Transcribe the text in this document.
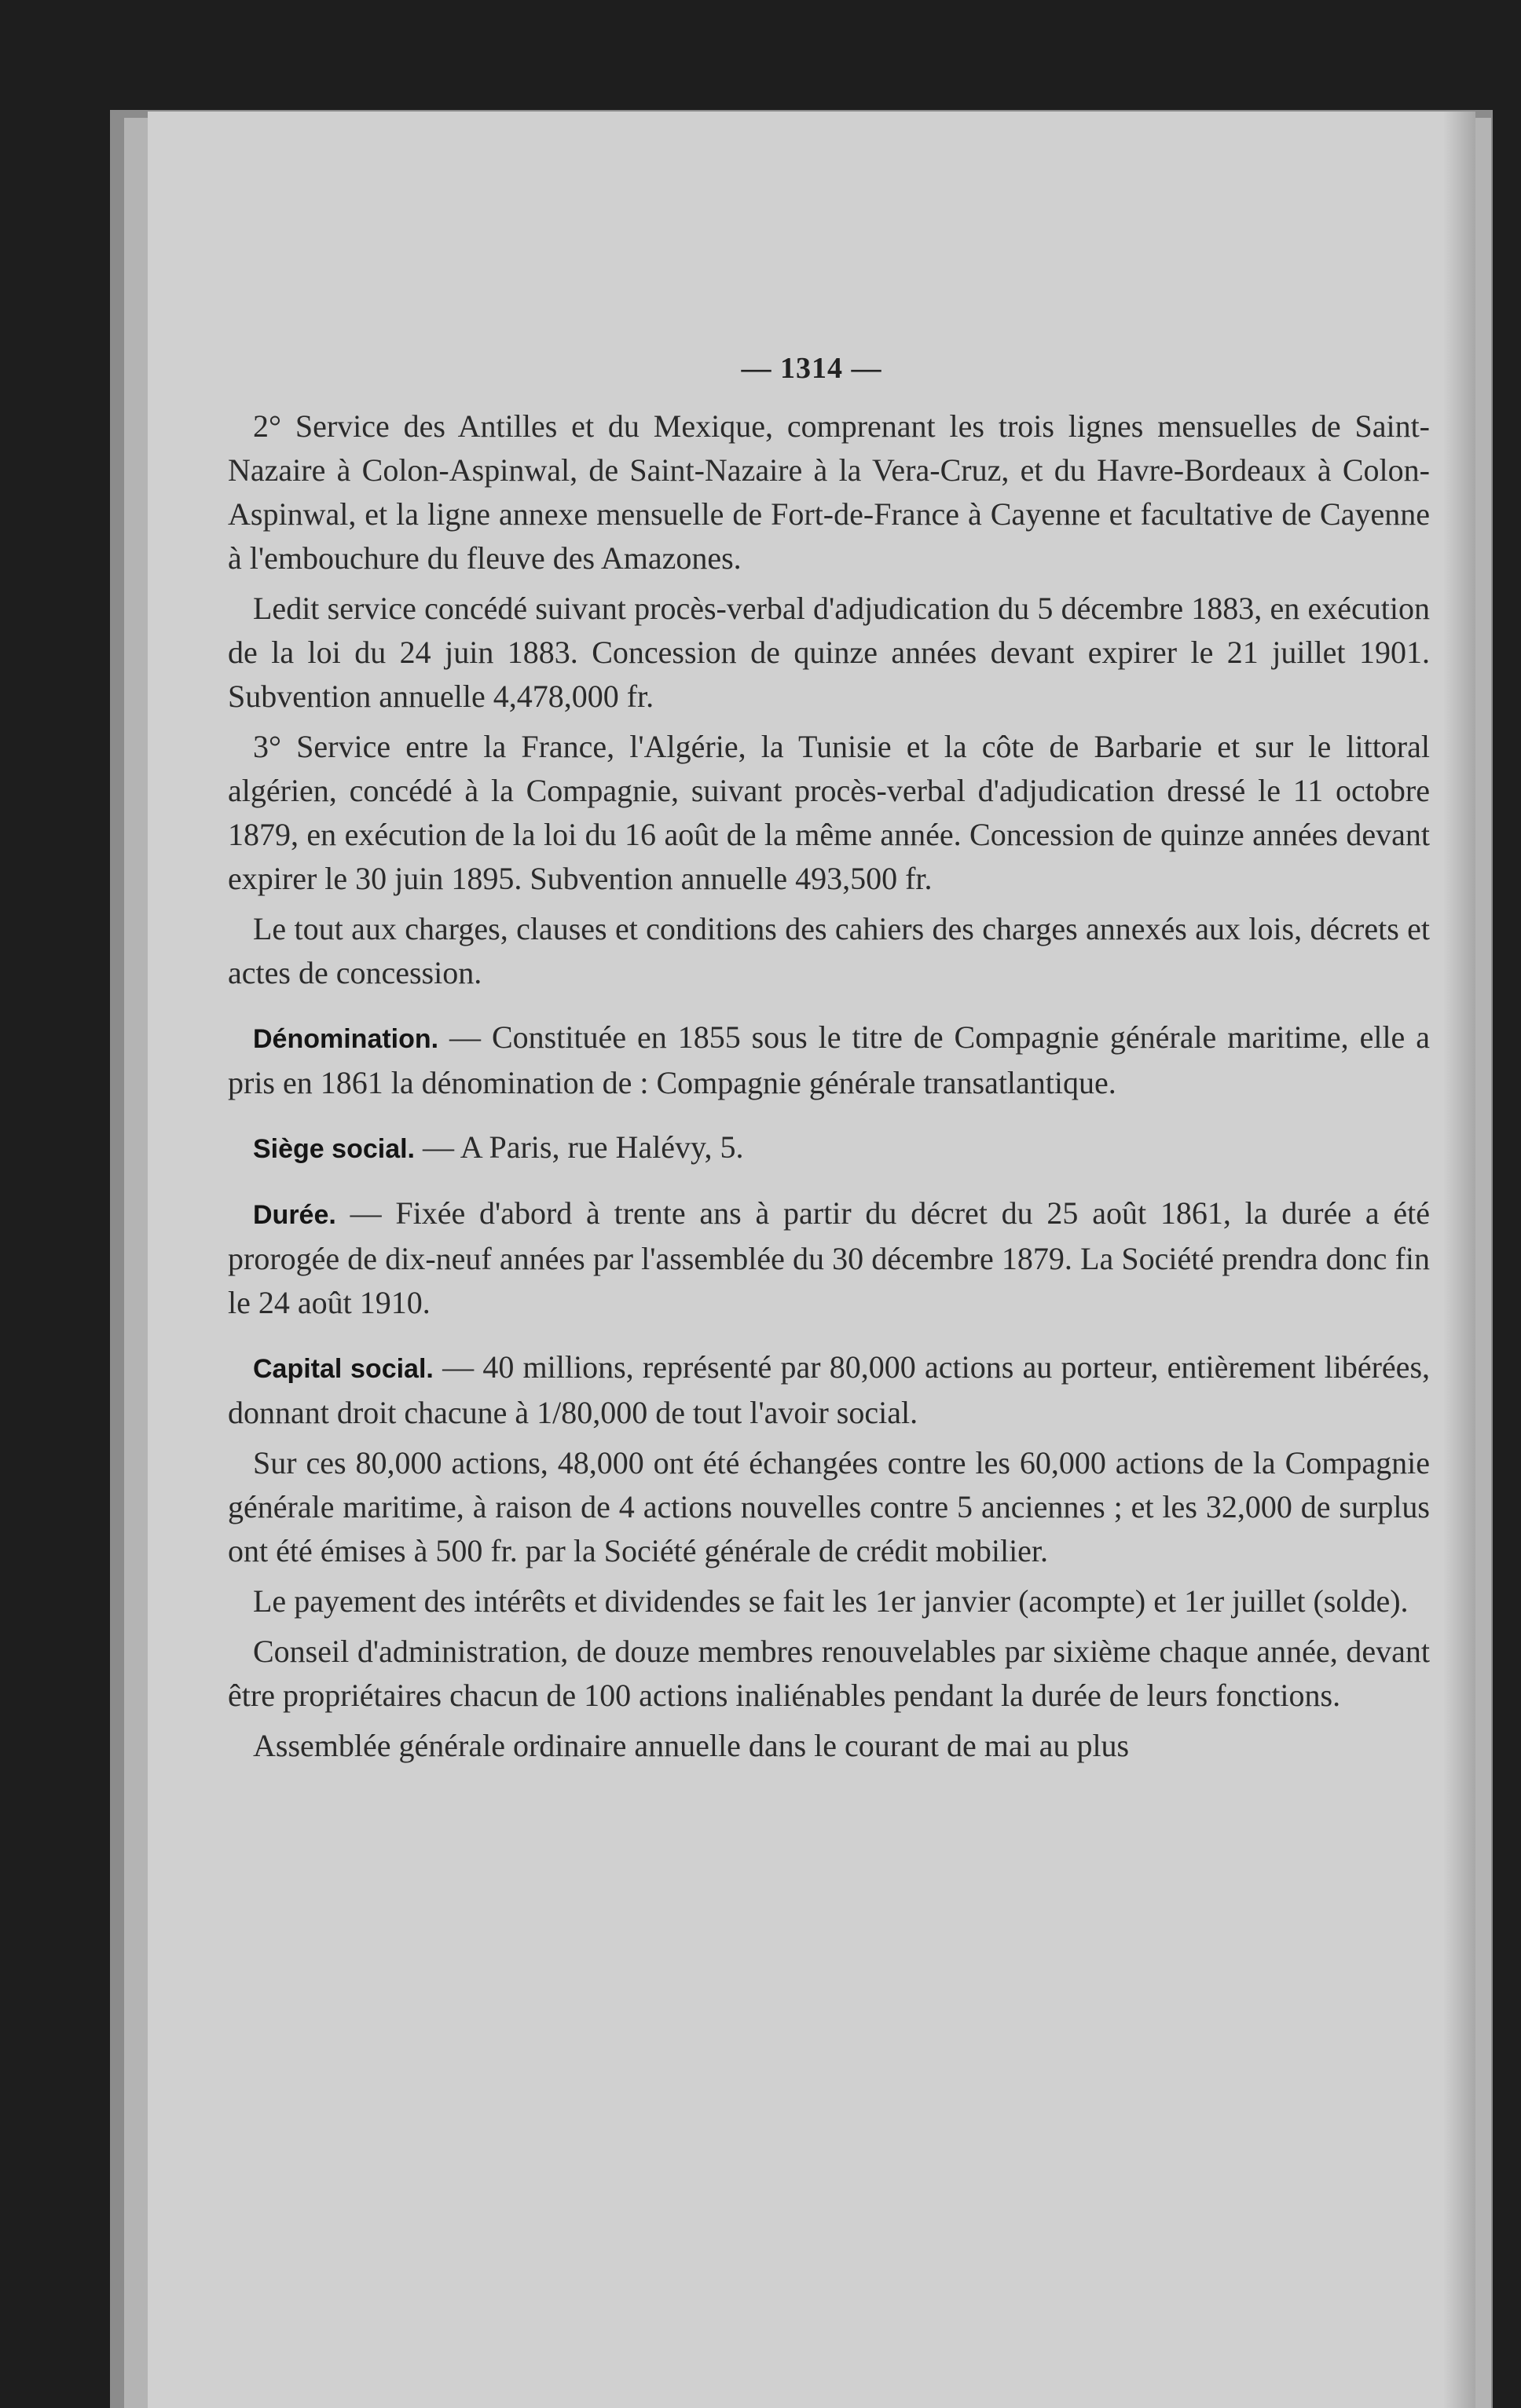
— 1314 —

2° Service des Antilles et du Mexique, comprenant les trois lignes mensuelles de Saint-Nazaire à Colon-Aspinwal, de Saint-Nazaire à la Vera-Cruz, et du Havre-Bordeaux à Colon-Aspinwal, et la ligne annexe mensuelle de Fort-de-France à Cayenne et facultative de Cayenne à l'embouchure du fleuve des Amazones.

Ledit service concédé suivant procès-verbal d'adjudication du 5 décembre 1883, en exécution de la loi du 24 juin 1883. Concession de quinze années devant expirer le 21 juillet 1901. Subvention annuelle 4,478,000 fr.

3° Service entre la France, l'Algérie, la Tunisie et la côte de Barbarie et sur le littoral algérien, concédé à la Compagnie, suivant procès-verbal d'adjudication dressé le 11 octobre 1879, en exécution de la loi du 16 août de la même année. Concession de quinze années devant expirer le 30 juin 1895. Subvention annuelle 493,500 fr.

Le tout aux charges, clauses et conditions des cahiers des charges annexés aux lois, décrets et actes de concession.

Dénomination. — Constituée en 1855 sous le titre de Compagnie générale maritime, elle a pris en 1861 la dénomination de : Compagnie générale transatlantique.

Siège social. — A Paris, rue Halévy, 5.

Durée. — Fixée d'abord à trente ans à partir du décret du 25 août 1861, la durée a été prorogée de dix-neuf années par l'assemblée du 30 décembre 1879. La Société prendra donc fin le 24 août 1910.

Capital social. — 40 millions, représenté par 80,000 actions au porteur, entièrement libérées, donnant droit chacune à 1/80,000 de tout l'avoir social.

Sur ces 80,000 actions, 48,000 ont été échangées contre les 60,000 actions de la Compagnie générale maritime, à raison de 4 actions nouvelles contre 5 anciennes ; et les 32,000 de surplus ont été émises à 500 fr. par la Société générale de crédit mobilier.

Le payement des intérêts et dividendes se fait les 1er janvier (acompte) et 1er juillet (solde).

Conseil d'administration, de douze membres renouvelables par sixième chaque année, devant être propriétaires chacun de 100 actions inaliénables pendant la durée de leurs fonctions.

Assemblée générale ordinaire annuelle dans le courant de mai au plus
